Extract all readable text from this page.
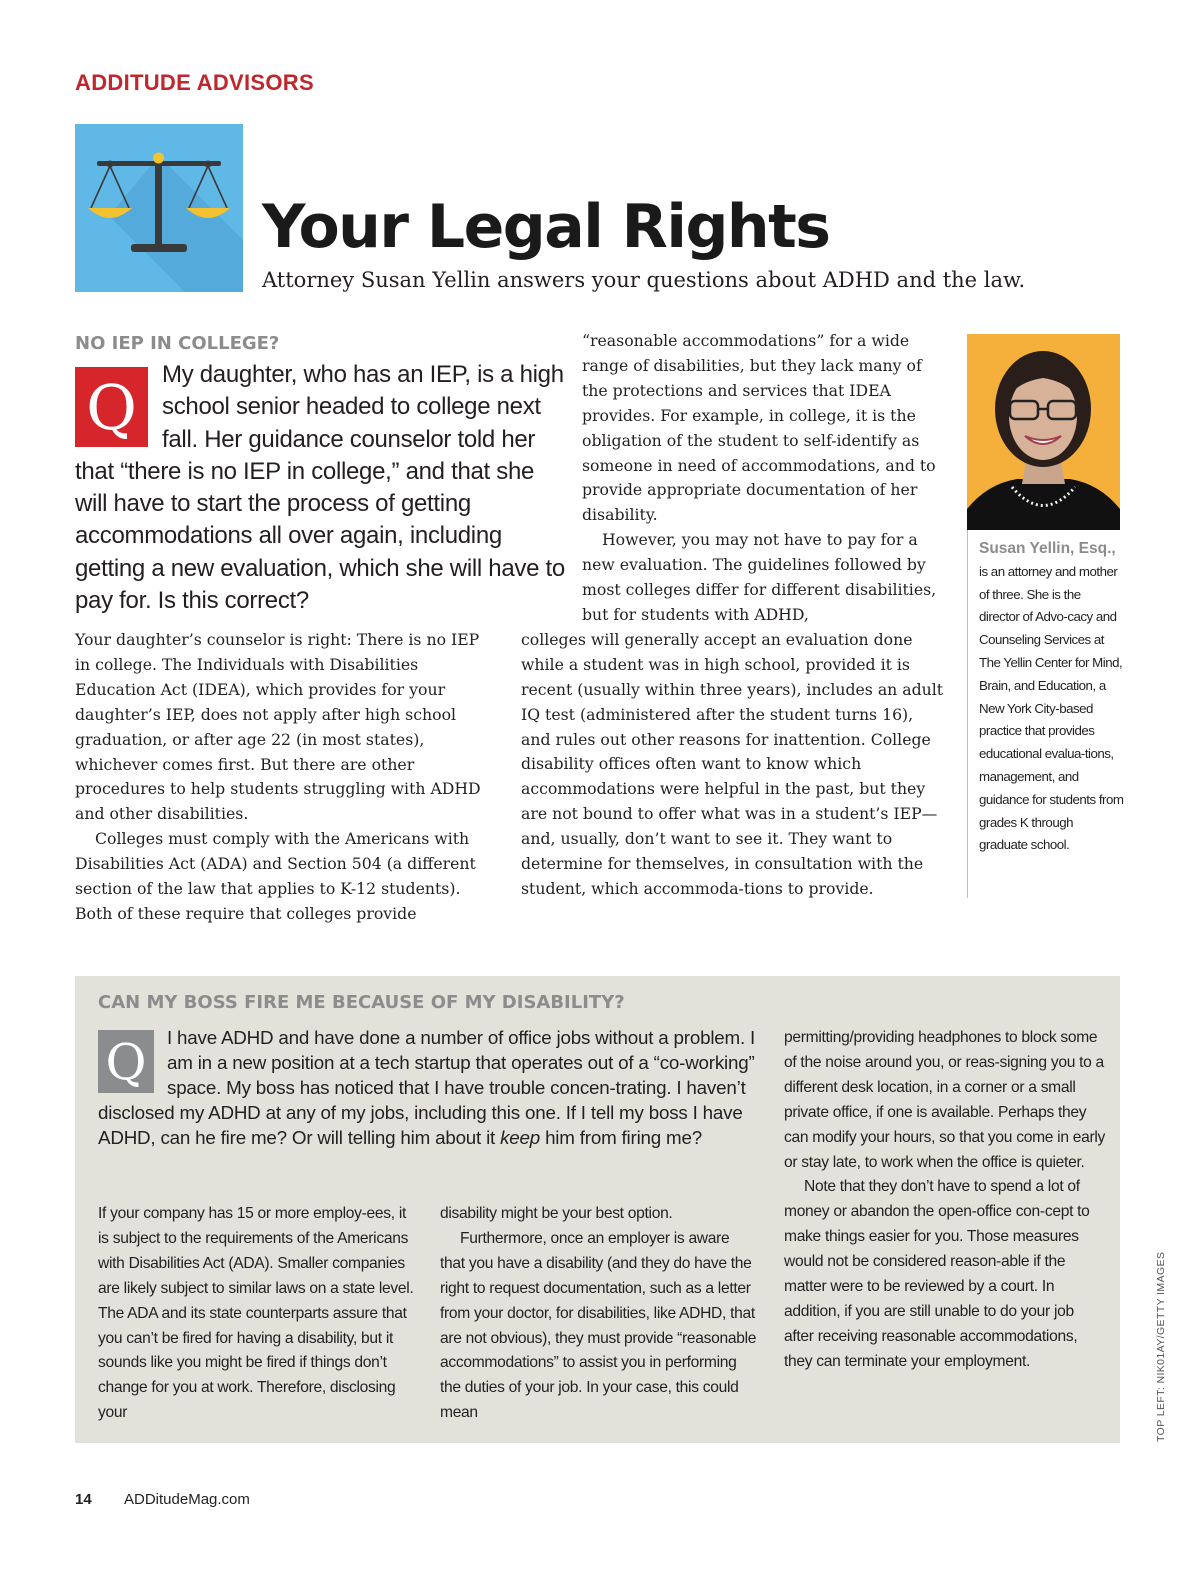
ADDITUDE ADVISORS
Your Legal Rights
Attorney Susan Yellin answers your questions about ADHD and the law.
NO IEP IN COLLEGE?
Q	My daughter, who has an IEP, is a high school senior headed to college next fall. Her guidance counselor told her that “there is no IEP in college,” and that she will have to start the process of getting accommodations all over again, including getting a new evaluation, which she will have to pay for. Is this correct?

Your daughter’s counselor is right: There is no IEP in college. The Individuals with Disabilities Education Act (IDEA), which provides for your daughter’s IEP, does not apply after high school graduation, or after age 22 (in most states), whichever comes first. But there are other procedures to help students struggling with ADHD and other disabilities.

Colleges must comply with the Americans with Disabilities Act (ADA) and Section 504 (a different section of the law that applies to K-12 students). Both of these require that colleges provide

“reasonable accommodations” for a wide range of disabilities, but they lack many of the protections and services that IDEA provides. For example, in college, it is the obligation of the student to self-identify as someone in need of accommodations, and to provide appropriate documentation of her disability.

However, you may not have to pay for a new evaluation. The guidelines followed by most colleges differ for different disabilities, but for students with ADHD,

colleges will generally accept an evaluation done while a student was in high school, provided it is recent (usually within three years), includes an adult IQ test (administered after the student turns 16), and rules out other reasons for inattention. College disability offices often want to know which accommodations were helpful in the past, but they are not bound to offer what was in a student’s IEP—and, usually, don’t want to see it. They want to determine for themselves, in consultation with the student, which accommoda-tions to provide.

Susan Yellin, Esq.,
is an attorney and mother of three. She is the director of Advo-cacy and Counseling Services at The Yellin Center for Mind, Brain, and Education, a New York City-based practice that provides educational evalua-tions, management, and guidance for students from grades K through graduate school.
CAN MY BOSS FIRE ME BECAUSE OF MY DISABILITY?
Q	I have ADHD and have done a number of office jobs without a problem. I am in a new position at a tech startup that operates out of a “co-working” space. My boss has noticed that I have trouble concen-trating. I haven’t disclosed my ADHD at any of my jobs, including this one. If I tell my boss I have ADHD, can he fire me? Or will telling him about it keep him from firing me?

If your company has 15 or more employ-ees, it is subject to the requirements of the Americans with Disabilities Act (ADA). Smaller companies are likely subject to similar laws on a state level. The ADA and its state counterparts assure that you can’t be fired for having a disability, but it sounds like you might be fired if things don’t change for you at work. Therefore, disclosing your

disability might be your best option.

Furthermore, once an employer is aware that you have a disability (and they do have the right to request documentation, such as a letter from your doctor, for disabilities, like ADHD, that are not obvious), they must provide “reasonable accommodations” to assist you in performing the duties of your job. In your case, this could mean

permitting/providing headphones to block some of the noise around you, or reas-signing you to a different desk location, in a corner or a small private office, if one is available. Perhaps they can modify your hours, so that you come in early or stay late, to work when the office is quieter.

Note that they don’t have to spend a lot of money or abandon the open-office con-cept to make things easier for you. Those measures would not be considered reason-able if the matter were to be reviewed by a court. In addition, if you are still unable to do your job after receiving reasonable accommodations, they can terminate your employment.	TOP LEFT: NIK01AY/GETTY IMAGES
14 ADDitudeMag.com
